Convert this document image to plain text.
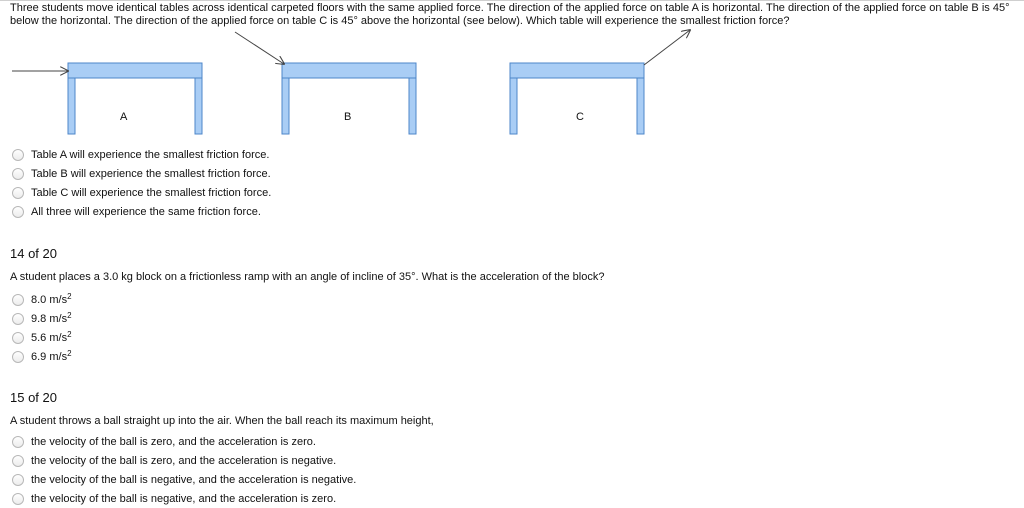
Three students move identical tables across identical carpeted floors with the same applied force. The direction of the applied force on table A is horizontal. The direction of the applied force on table B is 45° below the horizontal. The direction of the applied force on table C is 45° above the horizontal (see below). Which table will experience the smallest friction force?
A	B	C
Table A will experience the smallest friction force.
Table B will experience the smallest friction force.
Table C will experience the smallest friction force.
All three will experience the same friction force.
14 of 20
A student places a 3.0 kg block on a frictionless ramp with an angle of incline of 35°. What is the acceleration of the block?
8.0 $m/s^2$
9.8 $m/s^2$
5.6 $m/s^2$
6.9 $m/s^2$
15 of 20
A student throws a ball straight up into the air. When the ball reach its maximum height,
the velocity of the ball is zero, and the acceleration is zero.
the velocity of the ball is zero, and the acceleration is negative.
the velocity of the ball is negative, and the acceleration is negative.
the velocity of the ball is negative, and the acceleration is zero.
